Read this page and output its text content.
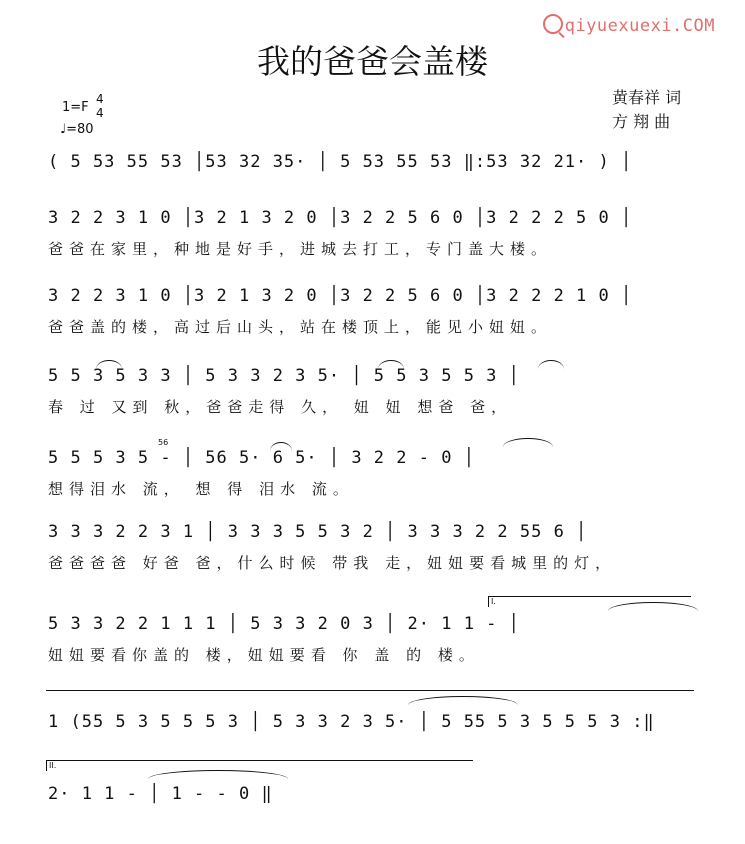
qiyuexuexi.COM
我的爸爸会盖楼
1=F
4
4
♩=80
黄春祥 词
方 翔 曲
( 5 53 55 53 │53 32 35· │ 5 53 55 53 ‖:53 32 21· ) │
3 2 2 3 1 0 │3 2 1 3 2 0 │3 2 2 5 6 0 │3 2 2 2 5 0 │
爸爸在家里，种地是好手，进城去打工，专门盖大楼。
3 2 2 3 1 0 │3 2 1 3 2 0 │3 2 2 5 6 0 │3 2 2 2 1 0 │
爸爸盖的楼，高过后山头，站在楼顶上，能见小妞妞。
5 5 3 5 3 3 │ 5 3 3 2 3 5· │ 5 5 3 5 5 3 │
春 过 又到 秋，爸爸走得 久， 妞 妞 想爸 爸，
56
5 5 5 3 5 - │ 56 5· 6 5· │ 3 2 2 - 0 │
想得泪水 流， 想 得 泪水 流。
3 3 3 2 2 3 1 │ 3 3 3 5 5 3 2 │ 3 3 3 2 2 55 6 │
爸爸爸爸 好爸 爸，什么时候 带我 走，妞妞要看城里的灯，
I.
5 3 3 2 2 1 1 1 │ 5 3 3 2 0 3 │ 2· 1 1 - │
妞妞要看你盖的 楼，妞妞要看 你 盖 的 楼。
1 (55 5 3 5 5 5 3 │ 5 3 3 2 3 5· │ 5 55 5 3 5 5 5 3 :‖
II.
2· 1 1 - │ 1 - - 0 ‖
